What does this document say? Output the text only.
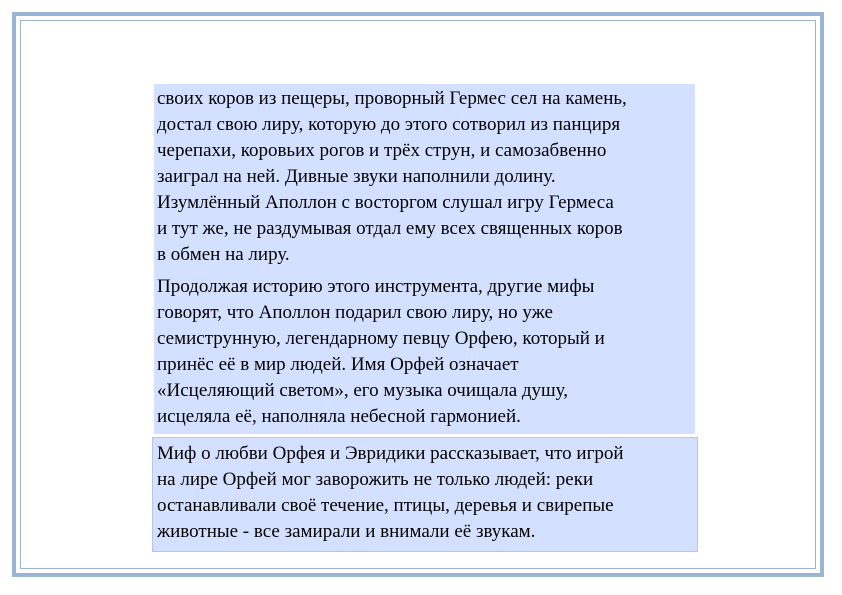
своих коров из пещеры, проворный Гермес сел на камень,
достал свою лиру, которую до этого сотворил из панциря
черепахи, коровьих рогов и трёх струн, и самозабвенно
заиграл на ней. Дивные звуки наполнили долину.
Изумлённый Аполлон с восторгом слушал игру Гермеса
и тут же, не раздумывая отдал ему всех священных коров
в обмен на лиру.

Продолжая историю этого инструмента, другие мифы
говорят, что Аполлон подарил свою лиру, но уже
семиструнную, легендарному певцу Орфею, который и
принёс её в мир людей. Имя Орфей означает
«Исцеляющий светом», его музыка очищала душу,
исцеляла её, наполняла небесной гармонией.

Миф о любви Орфея и Эвридики рассказывает, что игрой
на лире Орфей мог заворожить не только людей: реки
останавливали своё течение, птицы, деревья и свирепые
животные - все замирали и внимали её звукам.
